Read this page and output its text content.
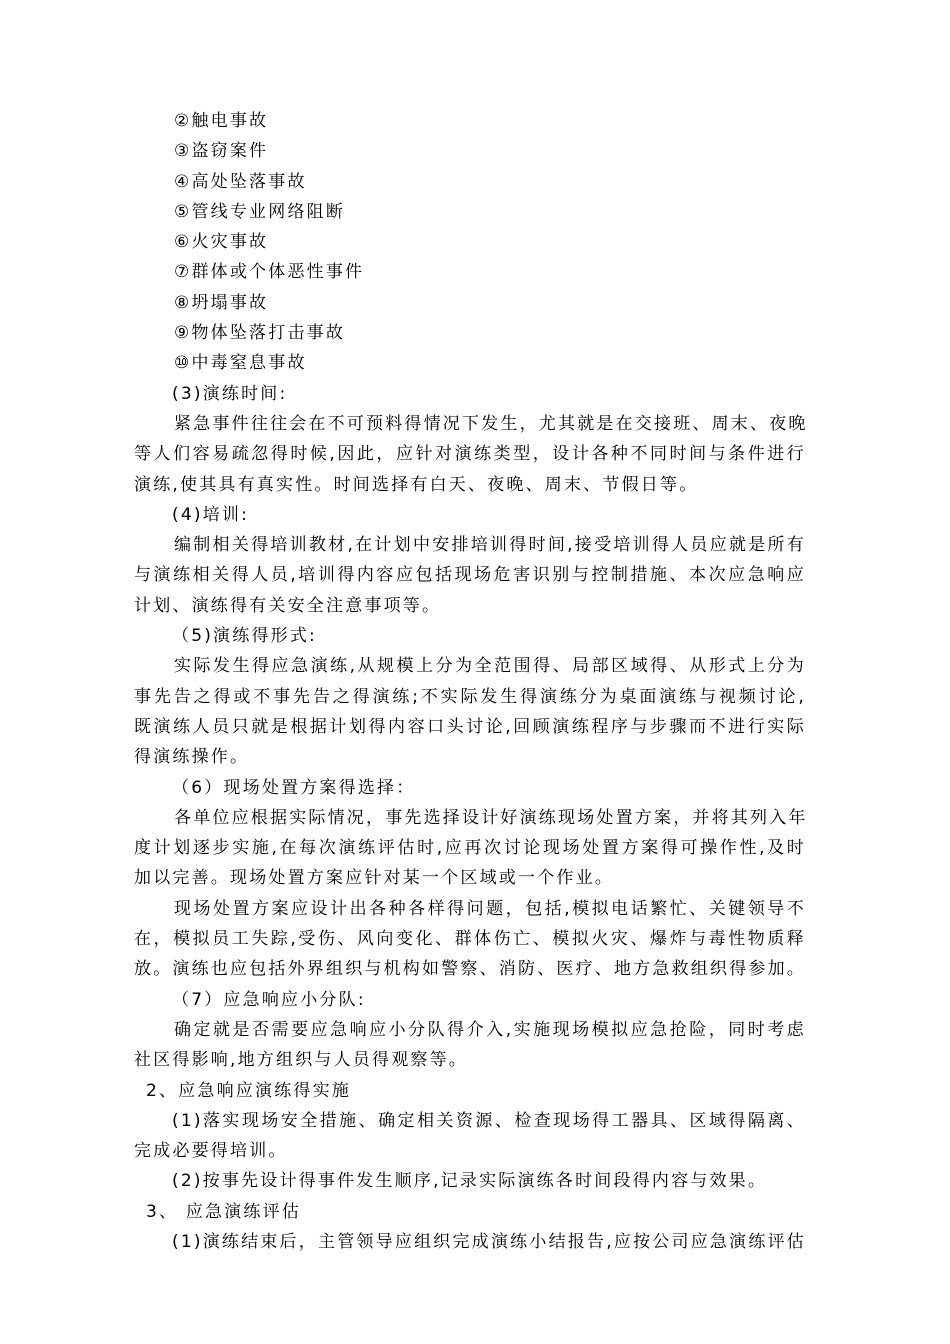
②触电事故
③盗窃案件
④高处坠落事故
⑤管线专业网络阻断
⑥火灾事故
⑦群体或个体恶性事件
⑧坍塌事故
⑨物体坠落打击事故
⑩中毒窒息事故
(3)演练时间:
紧急事件往往会在不可预料得情况下发生，尤其就是在交接班、周末、夜晚
等人们容易疏忽得时候,因此，应针对演练类型，设计各种不同时间与条件进行
演练,使其具有真实性。时间选择有白天、夜晚、周末、节假日等。
(4)培训:
编制相关得培训教材,在计划中安排培训得时间,接受培训得人员应就是所有
与演练相关得人员,培训得内容应包括现场危害识别与控制措施、本次应急响应
计划、演练得有关安全注意事项等。
（5)演练得形式:
实际发生得应急演练,从规模上分为全范围得、局部区域得、从形式上分为
事先告之得或不事先告之得演练;不实际发生得演练分为桌面演练与视频讨论,
既演练人员只就是根据计划得内容口头讨论,回顾演练程序与步骤而不进行实际
得演练操作。
（6）现场处置方案得选择：
各单位应根据实际情况，事先选择设计好演练现场处置方案，并将其列入年
度计划逐步实施,在每次演练评估时,应再次讨论现场处置方案得可操作性,及时
加以完善。现场处置方案应针对某一个区域或一个作业。
现场处置方案应设计出各种各样得问题，包括,模拟电话繁忙、关键领导不
在，模拟员工失踪,受伤、风向变化、群体伤亡、模拟火灾、爆炸与毒性物质释
放。演练也应包括外界组织与机构如警察、消防、医疗、地方急救组织得参加。
（7）应急响应小分队:
确定就是否需要应急响应小分队得介入,实施现场模拟应急抢险，同时考虑
社区得影响,地方组织与人员得观察等。
2、应急响应演练得实施
(1)落实现场安全措施、确定相关资源、检查现场得工器具、区域得隔离、
完成必要得培训。
(2)按事先设计得事件发生顺序,记录实际演练各时间段得内容与效果。
3、 应急演练评估
(1)演练结束后，主管领导应组织完成演练小结报告,应按公司应急演练评估
